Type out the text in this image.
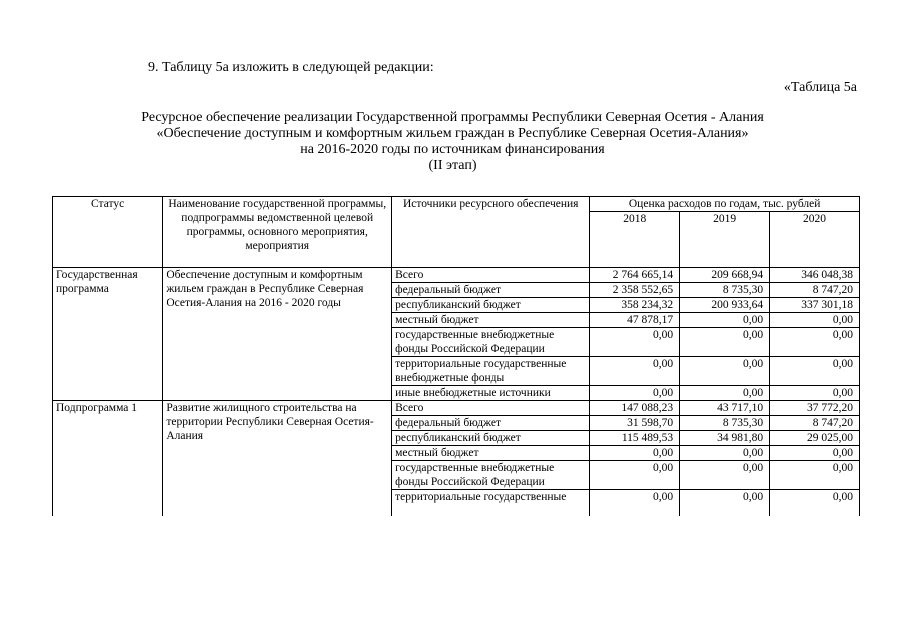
9. Таблицу 5а изложить в следующей редакции:
«Таблица 5а
Ресурсное обеспечение реализации Государственной программы Республики Северная Осетия - Алания
«Обеспечение доступным и комфортным жильем граждан в Республике Северная Осетия-Алания»
на 2016-2020 годы по источникам финансирования
(II этап)
Статус	Наименование государственной программы, подпрограммы ведомственной целевой программы, основного мероприятия, мероприятия	Источники ресурсного обеспечения	Оценка расходов по годам, тыс. рублей		
			2018	2019	2020
Государственная программа	Обеспечение доступным и комфортным жильем граждан в Республике Северная Осетия-Алания на 2016 - 2020 годы	Всего	2 764 665,14	209 668,94	346 048,38
		федеральный бюджет	2 358 552,65	8 735,30	8 747,20
		республиканский бюджет	358 234,32	200 933,64	337 301,18
		местный бюджет	47 878,17	0,00	0,00
		государственные внебюджетные фонды Российской Федерации	0,00	0,00	0,00
		территориальные государственные внебюджетные фонды	0,00	0,00	0,00
		иные внебюджетные источники	0,00	0,00	0,00
Подпрограмма 1	Развитие жилищного строительства на территории Республики Северная Осетия-Алания	Всего	147 088,23	43 717,10	37 772,20
		федеральный бюджет	31 598,70	8 735,30	8 747,20
		республиканский бюджет	115 489,53	34 981,80	29 025,00
		местный бюджет	0,00	0,00	0,00
		государственные внебюджетные фонды Российской Федерации	0,00	0,00	0,00
		территориальные государственные	0,00	0,00	0,00
